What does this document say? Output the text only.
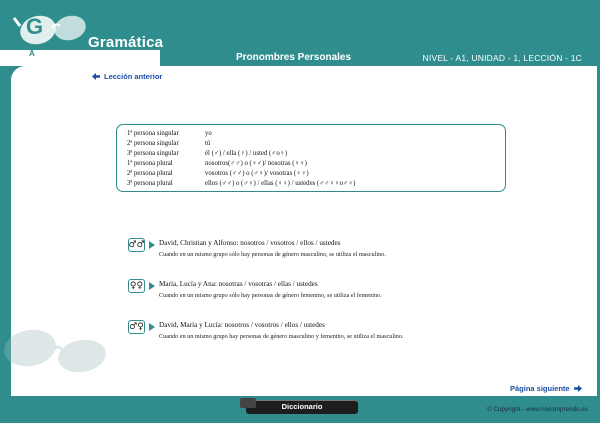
G
A
R Gramática
Pronombres Personales	NIVEL - A1, UNIDAD - 1, LECCIÓN - 1C
Lección anterior
1ª persona singular	yo
2ª persona singular	tú
3ª persona singular	él (♂) / ella (♀) / usted (♂o♀)
1ª persona plural	nosotros(♂♂) o (♀♂)/ nosotras (♀♀)
2ª persona plural	vosotros (♂♂) o (♂♀)/ vosotras (♀♀)
3ª persona plural	ellos (♂♂) o (♂♀) / ellas (♀♀) / ustedes (♂♂♀♀o♂♀)
♂♂ David, Christian y Alfonso: nosotros / vosotros / ellos / ustedes
Cuando en un mismo grupo sólo hay personas de género masculino, se utiliza el masculino.
♀♀ María, Lucía y Ana: nosotras / vosotras / ellas / ustedes
Cuando en un mismo grupo sólo hay personas de género femenino, se utiliza el femenino.
♂♀ David, María y Lucía: nosotros / vosotros / ellos / ustedes
Cuando en un mismo grupo hay personas de género masculino y femenino, se utiliza el masculino.
Página siguiente
Diccionario	© Copyright - www.nocomprendo.es
